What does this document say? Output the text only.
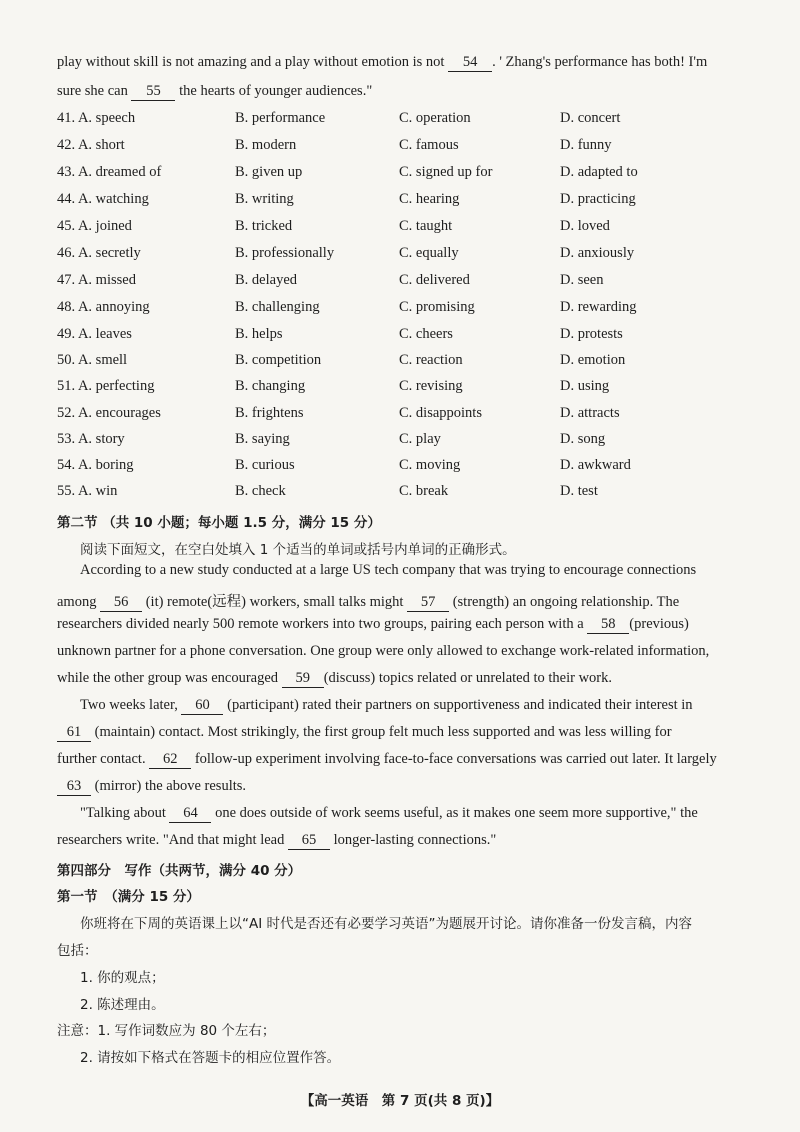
play without skill is not amazing and a play without emotion is not 54 . ' Zhang's performance has both! I'm
sure she can 55 the hearts of younger audiences."
41. A. speech	B. performance	C. operation	D. concert
42. A. short	B. modern	C. famous	D. funny
43. A. dreamed of	B. given up	C. signed up for	D. adapted to
44. A. watching	B. writing	C. hearing	D. practicing
45. A. joined	B. tricked	C. taught	D. loved
46. A. secretly	B. professionally	C. equally	D. anxiously
47. A. missed	B. delayed	C. delivered	D. seen
48. A. annoying	B. challenging	C. promising	D. rewarding
49. A. leaves	B. helps	C. cheers	D. protests
50. A. smell	B. competition	C. reaction	D. emotion
51. A. perfecting	B. changing	C. revising	D. using
52. A. encourages	B. frightens	C. disappoints	D. attracts
53. A. story	B. saying	C. play	D. song
54. A. boring	B. curious	C. moving	D. awkward
55. A. win	B. check	C. break	D. test
第二节 （共 10 小题；每小题 1.5 分，满分 15 分）
阅读下面短文，在空白处填入 1 个适当的单词或括号内单词的正确形式。
According to a new study conducted at a large US tech company that was trying to encourage connections
among 56 (it) remote(远程) workers, small talks might 57 (strength) an ongoing relationship. The
researchers divided nearly 500 remote workers into two groups, pairing each person with a 58 (previous)
unknown partner for a phone conversation. One group were only allowed to exchange work-related information,
while the other group was encouraged 59 (discuss) topics related or unrelated to their work.
Two weeks later, 60 (participant) rated their partners on supportiveness and indicated their interest in
61 (maintain) contact. Most strikingly, the first group felt much less supported and was less willing for
further contact. 62 follow-up experiment involving face-to-face conversations was carried out later. It largely
63 (mirror) the above results.
"Talking about 64 one does outside of work seems useful, as it makes one seem more supportive," the
researchers write. "And that might lead 65 longer-lasting connections."
第四部分　写作（共两节，满分 40 分）
第一节　（满分 15 分）
你班将在下周的英语课上以“AI 时代是否还有必要学习英语”为题展开讨论。请你准备一份发言稿，内容
包括：
1. 你的观点；
2. 陈述理由。
注意：1. 写作词数应为 80 个左右；
2. 请按如下格式在答题卡的相应位置作答。
【高一英语　第 7 页(共 8 页)】
